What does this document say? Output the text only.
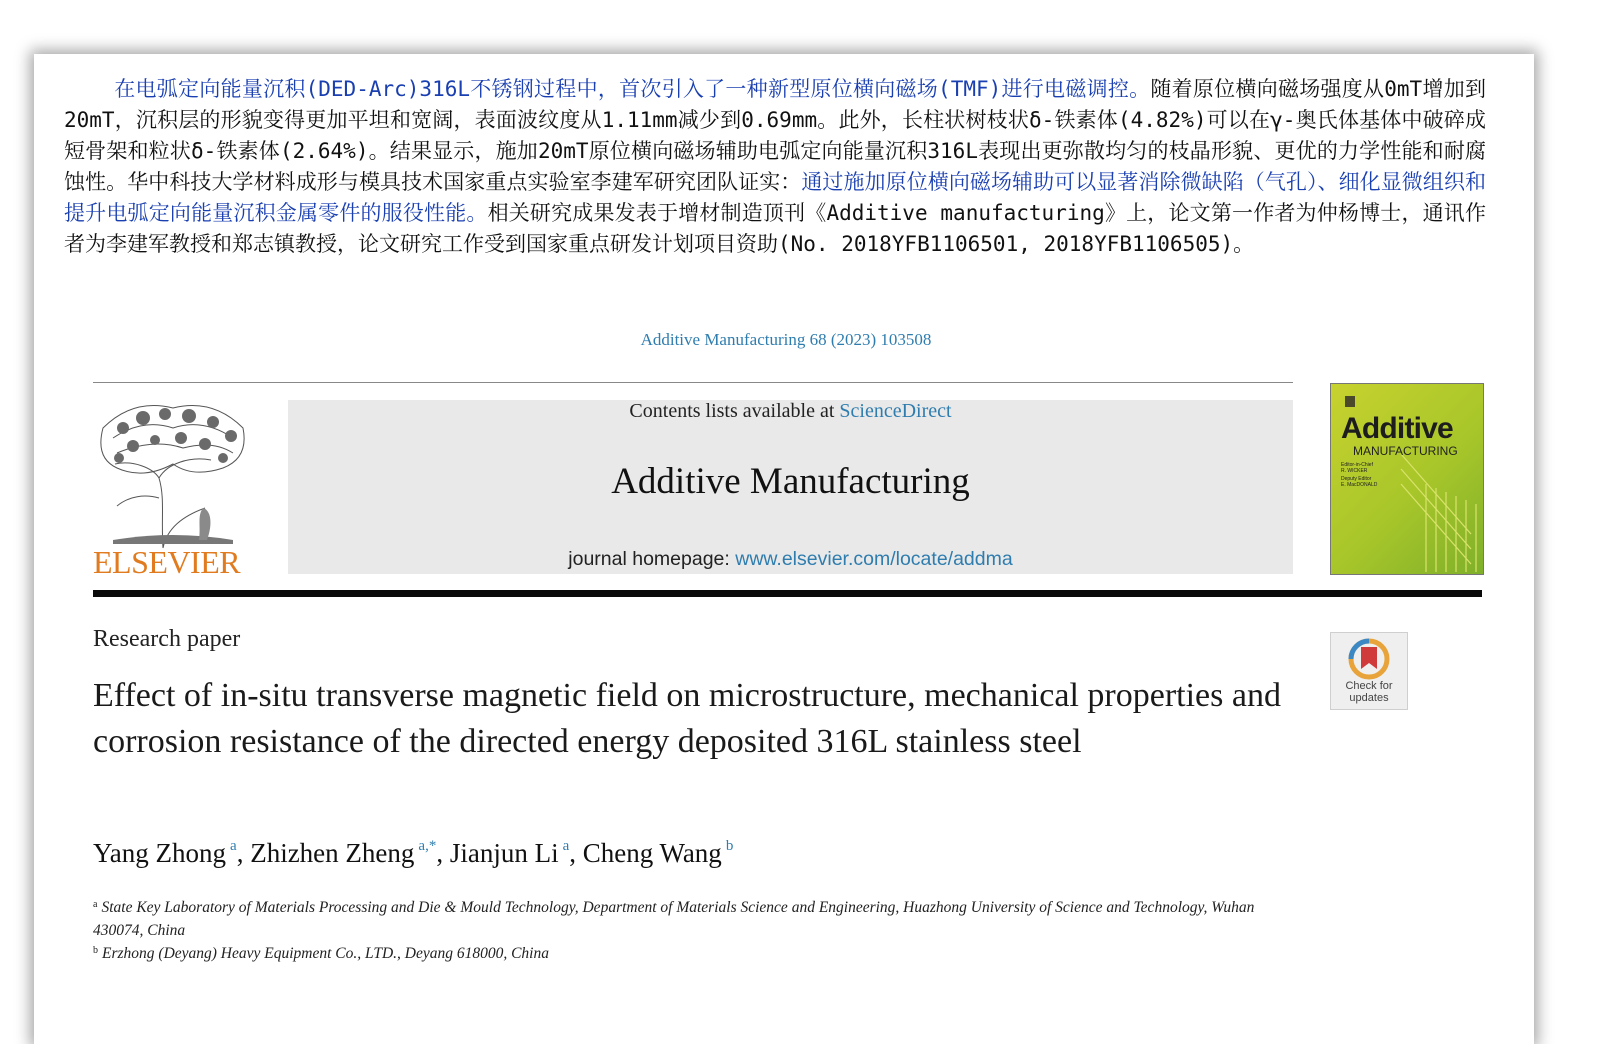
在电弧定向能量沉积(DED-Arc)316L不锈钢过程中，首次引入了一种新型原位横向磁场(TMF)进行电磁调控。随着原位横向磁场强度从0mT增加到20mT，沉积层的形貌变得更加平坦和宽阔，表面波纹度从1.11mm减少到0.69mm。此外，长柱状树枝状δ-铁素体(4.82%)可以在γ-奥氏体基体中破碎成短骨架和粒状δ-铁素体(2.64%)。结果显示，施加20mT原位横向磁场辅助电弧定向能量沉积316L表现出更弥散均匀的枝晶形貌、更优的力学性能和耐腐蚀性。华中科技大学材料成形与模具技术国家重点实验室李建军研究团队证实：通过施加原位横向磁场辅助可以显著消除微缺陷（气孔）、细化显微组织和提升电弧定向能量沉积金属零件的服役性能。相关研究成果发表于增材制造顶刊《Additive manufacturing》上，论文第一作者为仲杨博士，通讯作者为李建军教授和郑志镇教授，论文研究工作受到国家重点研发计划项目资助(No. 2018YFB1106501, 2018YFB1106505)。

Additive Manufacturing 68 (2023) 103508
ELSEVIER
Contents lists available at ScienceDirect
Additive Manufacturing
journal homepage: www.elsevier.com/locate/addma
Additive
MANUFACTURING
Editor-in-Chief
R. WICKER
Deputy Editor
E. MacDONALD
Research paper
Check for updates
Effect of in-situ transverse magnetic field on microstructure, mechanical properties and corrosion resistance of the directed energy deposited 316L stainless steel
Yang Zhong $^a$, Zhizhen Zheng $^{a,*}$, Jianjun Li $^a$, Cheng Wang $^b$
$^a$ State Key Laboratory of Materials Processing and Die & Mould Technology, Department of Materials Science and Engineering, Huazhong University of Science and Technology, Wuhan 430074, China
$^b$ Erzhong (Deyang) Heavy Equipment Co., LTD., Deyang 618000, China
